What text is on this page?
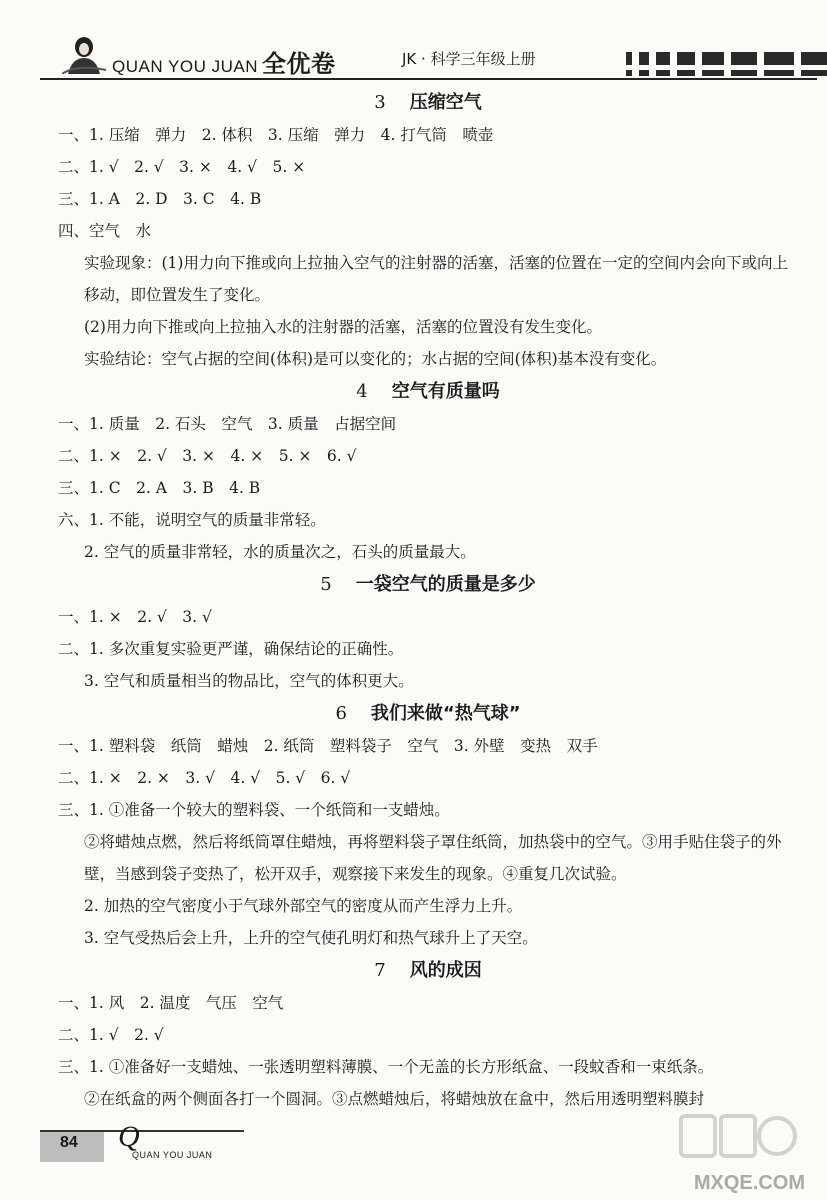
QUAN YOU JUAN 全优卷	JK · 科学三年级上册
3 压缩空气
一、1. 压缩　弹力　2. 体积　3. 压缩　弹力　4. 打气筒　喷壶
二、1. √　2. √　3. ×　4. √　5. ×
三、1. A　2. D　3. C　4. B
四、空气　水
实验现象：(1)用力向下推或向上拉抽入空气的注射器的活塞，活塞的位置在一定的空间内会向下或向上移动，即位置发生了变化。
(2)用力向下推或向上拉抽入水的注射器的活塞，活塞的位置没有发生变化。
实验结论：空气占据的空间(体积)是可以变化的；水占据的空间(体积)基本没有变化。
4 空气有质量吗
一、1. 质量　2. 石头　空气　3. 质量　占据空间
二、1. ×　2. √　3. ×　4. ×　5. ×　6. √
三、1. C　2. A　3. B　4. B
六、1. 不能，说明空气的质量非常轻。
2. 空气的质量非常轻，水的质量次之，石头的质量最大。
5 一袋空气的质量是多少
一、1. ×　2. √　3. √
二、1. 多次重复实验更严谨，确保结论的正确性。
3. 空气和质量相当的物品比，空气的体积更大。
6 我们来做“热气球”
一、1. 塑料袋　纸筒　蜡烛　2. 纸筒　塑料袋子　空气　3. 外壁　变热　双手
二、1. ×　2. ×　3. √　4. √　5. √　6. √
三、1. ①准备一个较大的塑料袋、一个纸筒和一支蜡烛。
②将蜡烛点燃，然后将纸筒罩住蜡烛，再将塑料袋子罩住纸筒，加热袋中的空气。③用手贴住袋子的外壁，当感到袋子变热了，松开双手，观察接下来发生的现象。④重复几次试验。
2. 加热的空气密度小于气球外部空气的密度从而产生浮力上升。
3. 空气受热后会上升，上升的空气使孔明灯和热气球升上了天空。
7 风的成因
一、1. 风　2. 温度　气压　空气
二、1. √　2. √
三、1. ①准备好一支蜡烛、一张透明塑料薄膜、一个无盖的长方形纸盒、一段蚊香和一束纸条。
②在纸盒的两个侧面各打一个圆洞。③点燃蜡烛后，将蜡烛放在盒中，然后用透明塑料膜封
84 Q
QUAN YOU JUAN
MXQE.COM
